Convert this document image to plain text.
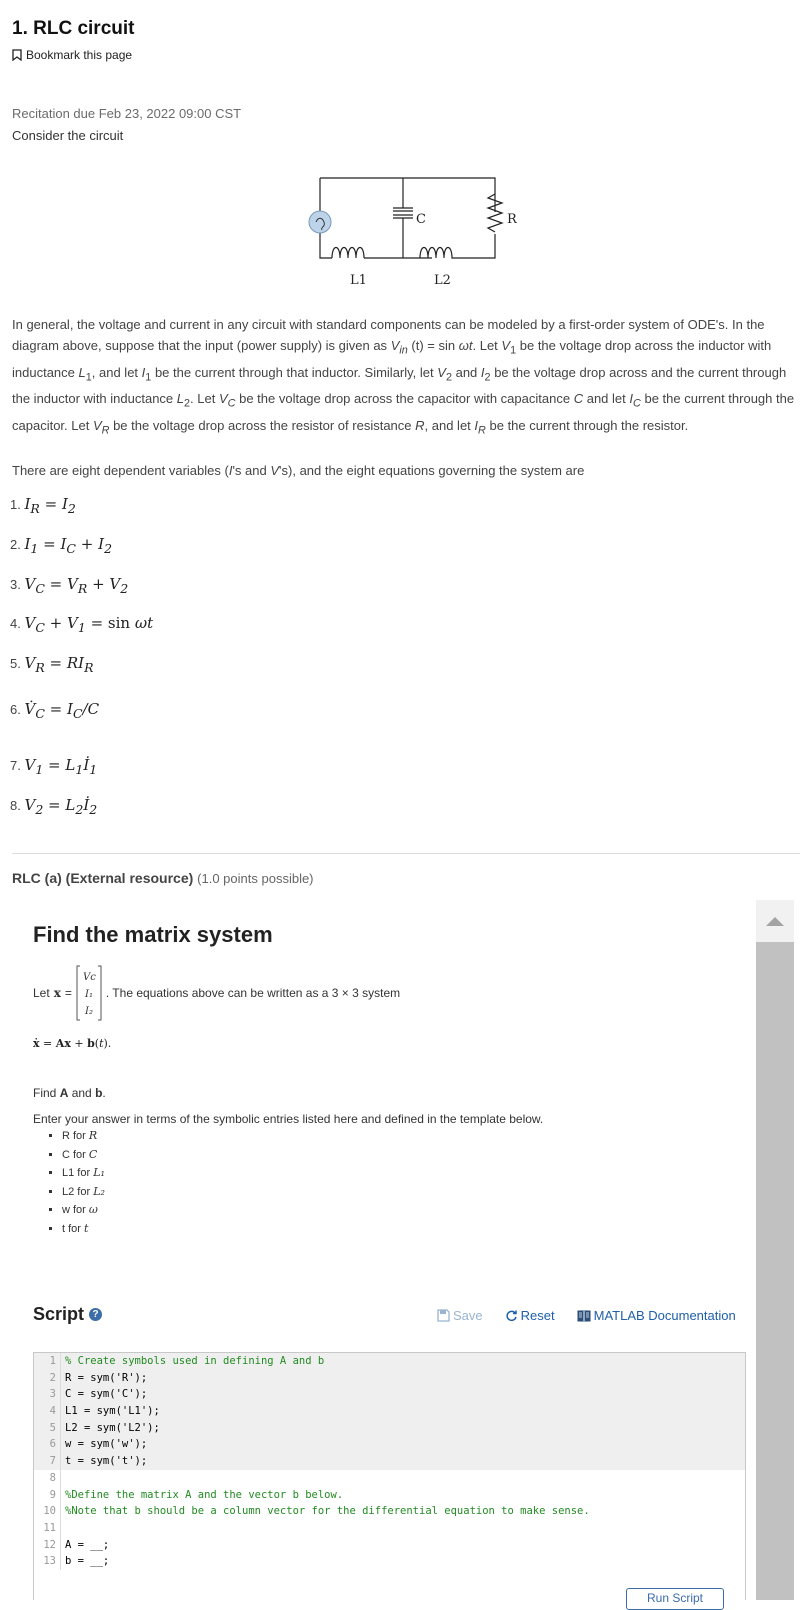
1. RLC circuit
Bookmark this page
Recitation due Feb 23, 2022 09:00 CST
Consider the circuit
C	R
L1	L2
In general, the voltage and current in any circuit with standard components can be modeled by a first-order system of ODE's. In the diagram above, suppose that the input (power supply) is given as $V_{in}$ (t) = sin ωt. Let $V_1$ be the voltage drop across the inductor with inductance $L_1$, and let $I_1$ be the current through that inductor. Similarly, let $V_2$ and $I_2$ be the voltage drop across and the current through the inductor with inductance $L_2$. Let $V_C$ be the voltage drop across the capacitor with capacitance C and let $I_C$ be the current through the capacitor. Let $V_R$ be the voltage drop across the resistor of resistance R, and let $I_R$ be the current through the resistor.
There are eight dependent variables (I's and V's), and the eight equations governing the system are
1. $I_R = I_2$
2. $I_1 = I_C + I_2$
3. $V_C = V_R + V_2$
4. $V_C + V_1 = \sin \omega t$
5. $V_R = RI_R$
6. $V̇_C = I_C/C$
7. $V_1$ = $L_1İ_1$
8. $V_2$ = $L_2İ_2$
RLC (a) (External resource) (1.0 points possible)
Find the matrix system
Let x =
Vc
I₁
I₂
. The equations above can be written as a 3 × 3 system
ẋ = Ax + b(t).
Find A and b.
Enter your answer in terms of the symbolic entries listed here and defined in the template below.
▪ R for R
▪ C for C
▪ L1 for L₁
▪ L2 for L₂
▪ w for ω
▪ t for t
Script ?	Save	Reset	MATLAB Documentation
1 % Create symbols used in defining A and b
2 R = sym('R');
3 C = sym('C');
4 L1 = sym('L1');
5 L2 = sym('L2');
6 w = sym('w');
7 t = sym('t');
8
9 %Define the matrix A and the vector b below.
10 %Note that b should be a column vector for the differential equation to make sense.
11
12 A = __;
13 b = __;
Run Script
